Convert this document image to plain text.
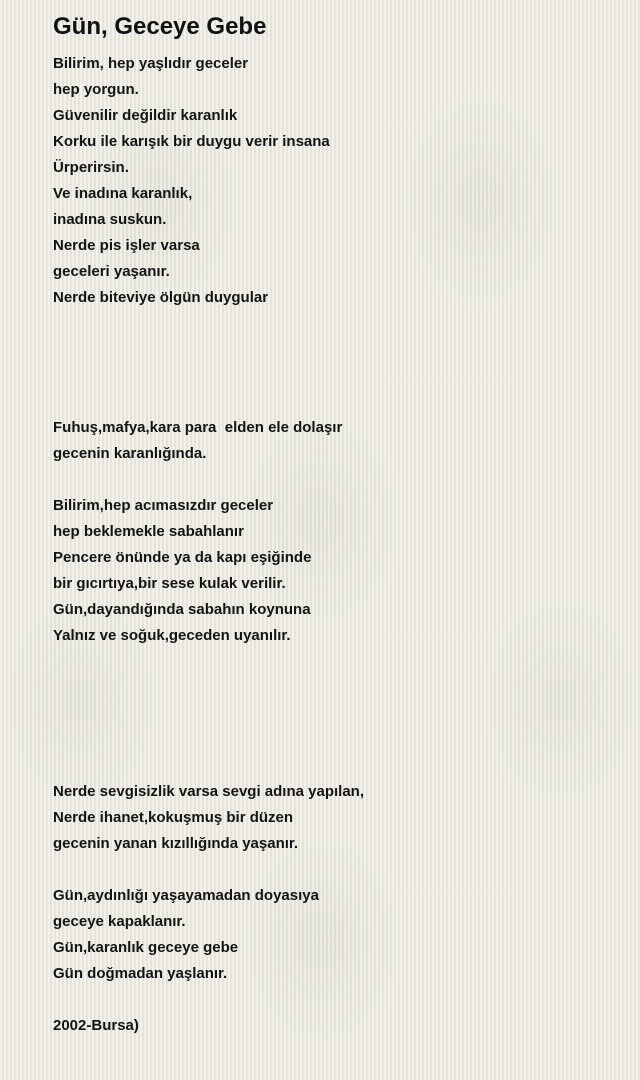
Gün, Geceye Gebe
Bilirim, hep yaşlıdır geceler
hep yorgun.
Güvenilir değildir karanlık
Korku ile karışık bir duygu verir insana
Ürperirsin.
Ve inadına karanlık,
inadına suskun.
Nerde pis işler varsa
geceleri yaşanır.
Nerde biteviye ölgün duygular
Fuhuş,mafya,kara para  elden ele dolaşır
gecenin karanlığında.
Bilirim,hep acımasızdır geceler
hep beklemekle sabahlanır
Pencere önünde ya da kapı eşiğinde
bir gıcırtıya,bir sese kulak verilir.
Gün,dayandığında sabahın koynuna
Yalnız ve soğuk,geceden uyanılır.
Nerde sevgisizlik varsa sevgi adına yapılan,
Nerde ihanet,kokuşmuş bir düzen
gecenin yanan kızıllığında yaşanır.
Gün,aydınlığı yaşayamadan doyasıya
geceye kapaklanır.
Gün,karanlık geceye gebe
Gün doğmadan yaşlanır.
2002-Bursa)
